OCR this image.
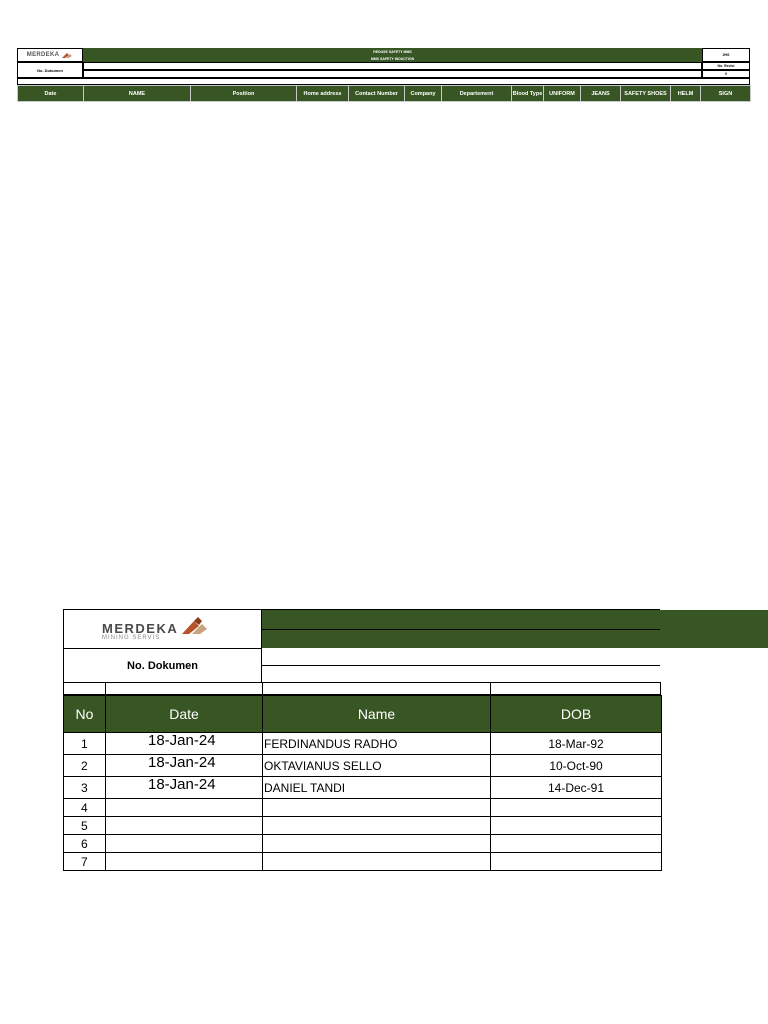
MERDEKA
No. Dokumen
REDUSE SAFETY MMS
MMS SAFETY INDUCTION
2HS
No. Revisi
0
Date	NAME	Position	Home address	Contact Number	Company	Departement	Blood Type	UNIFORM	JEANS	SAFETY SHOES	HELM	SIGN
MERDEKA
MINING SERVIS
No. Dokumen
No	Date	Name	DOB
1	18-Jan-24	FERDINANDUS RADHO	18-Mar-92
2	18-Jan-24	OKTAVIANUS SELLO	10-Oct-90
3	18-Jan-24	DANIEL TANDI	14-Dec-91
4			
5			
6			
7			
